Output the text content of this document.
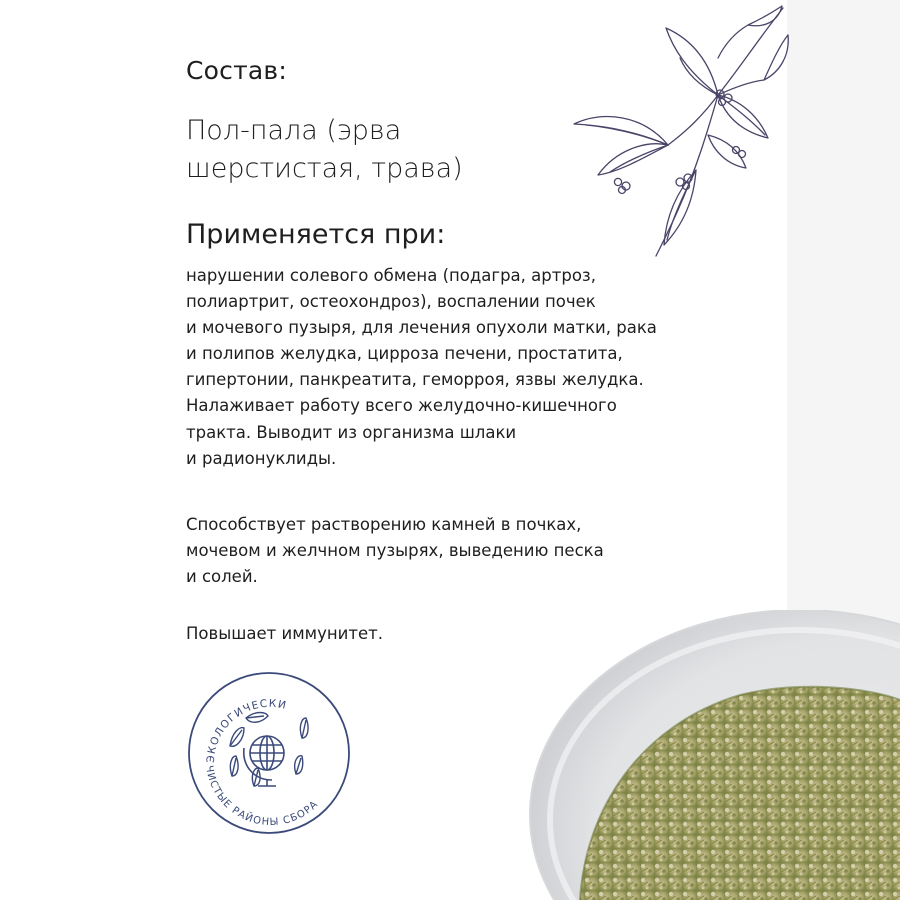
Состав:
Пол-пала (эрва
шерстистая, трава)
Применяется при:
нарушении солевого обмена (подагра, артроз,
полиартрит, остеохондроз), воспалении почек
и мочевого пузыря, для лечения опухоли матки, рака
и полипов желудка, цирроза печени, простатита,
гипертонии, панкреатита, геморроя, язвы желудка.
Налаживает работу всего желудочно-кишечного
тракта. Выводит из организма шлаки
и радионуклиды.
Способствует растворению камней в почках,
мочевом и желчном пузырях, выведению песка
и солей.
Повышает иммунитет.
ЭКОЛОГИЧЕСКИ
ЧИСТЫЕ РАЙОНЫ СБОРА
